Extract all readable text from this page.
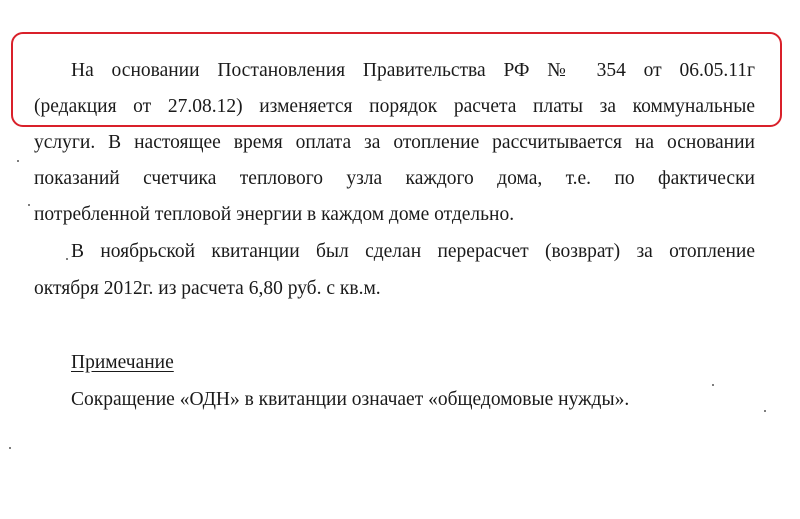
На основании Постановления Правительства РФ № 354 от 06.05.11г
(редакция от 27.08.12) изменяется порядок расчета платы за коммунальные
услуги. В настоящее время оплата за отопление рассчитывается на основании
показаний счетчика теплового узла каждого дома, т.е. по фактически
потребленной тепловой энергии в каждом доме отдельно.
В ноябрьской квитанции был сделан перерасчет (возврат) за отопление
октября 2012г. из расчета 6,80 руб. с кв.м.
Примечание
Сокращение «ОДН» в квитанции означает «общедомовые нужды».
